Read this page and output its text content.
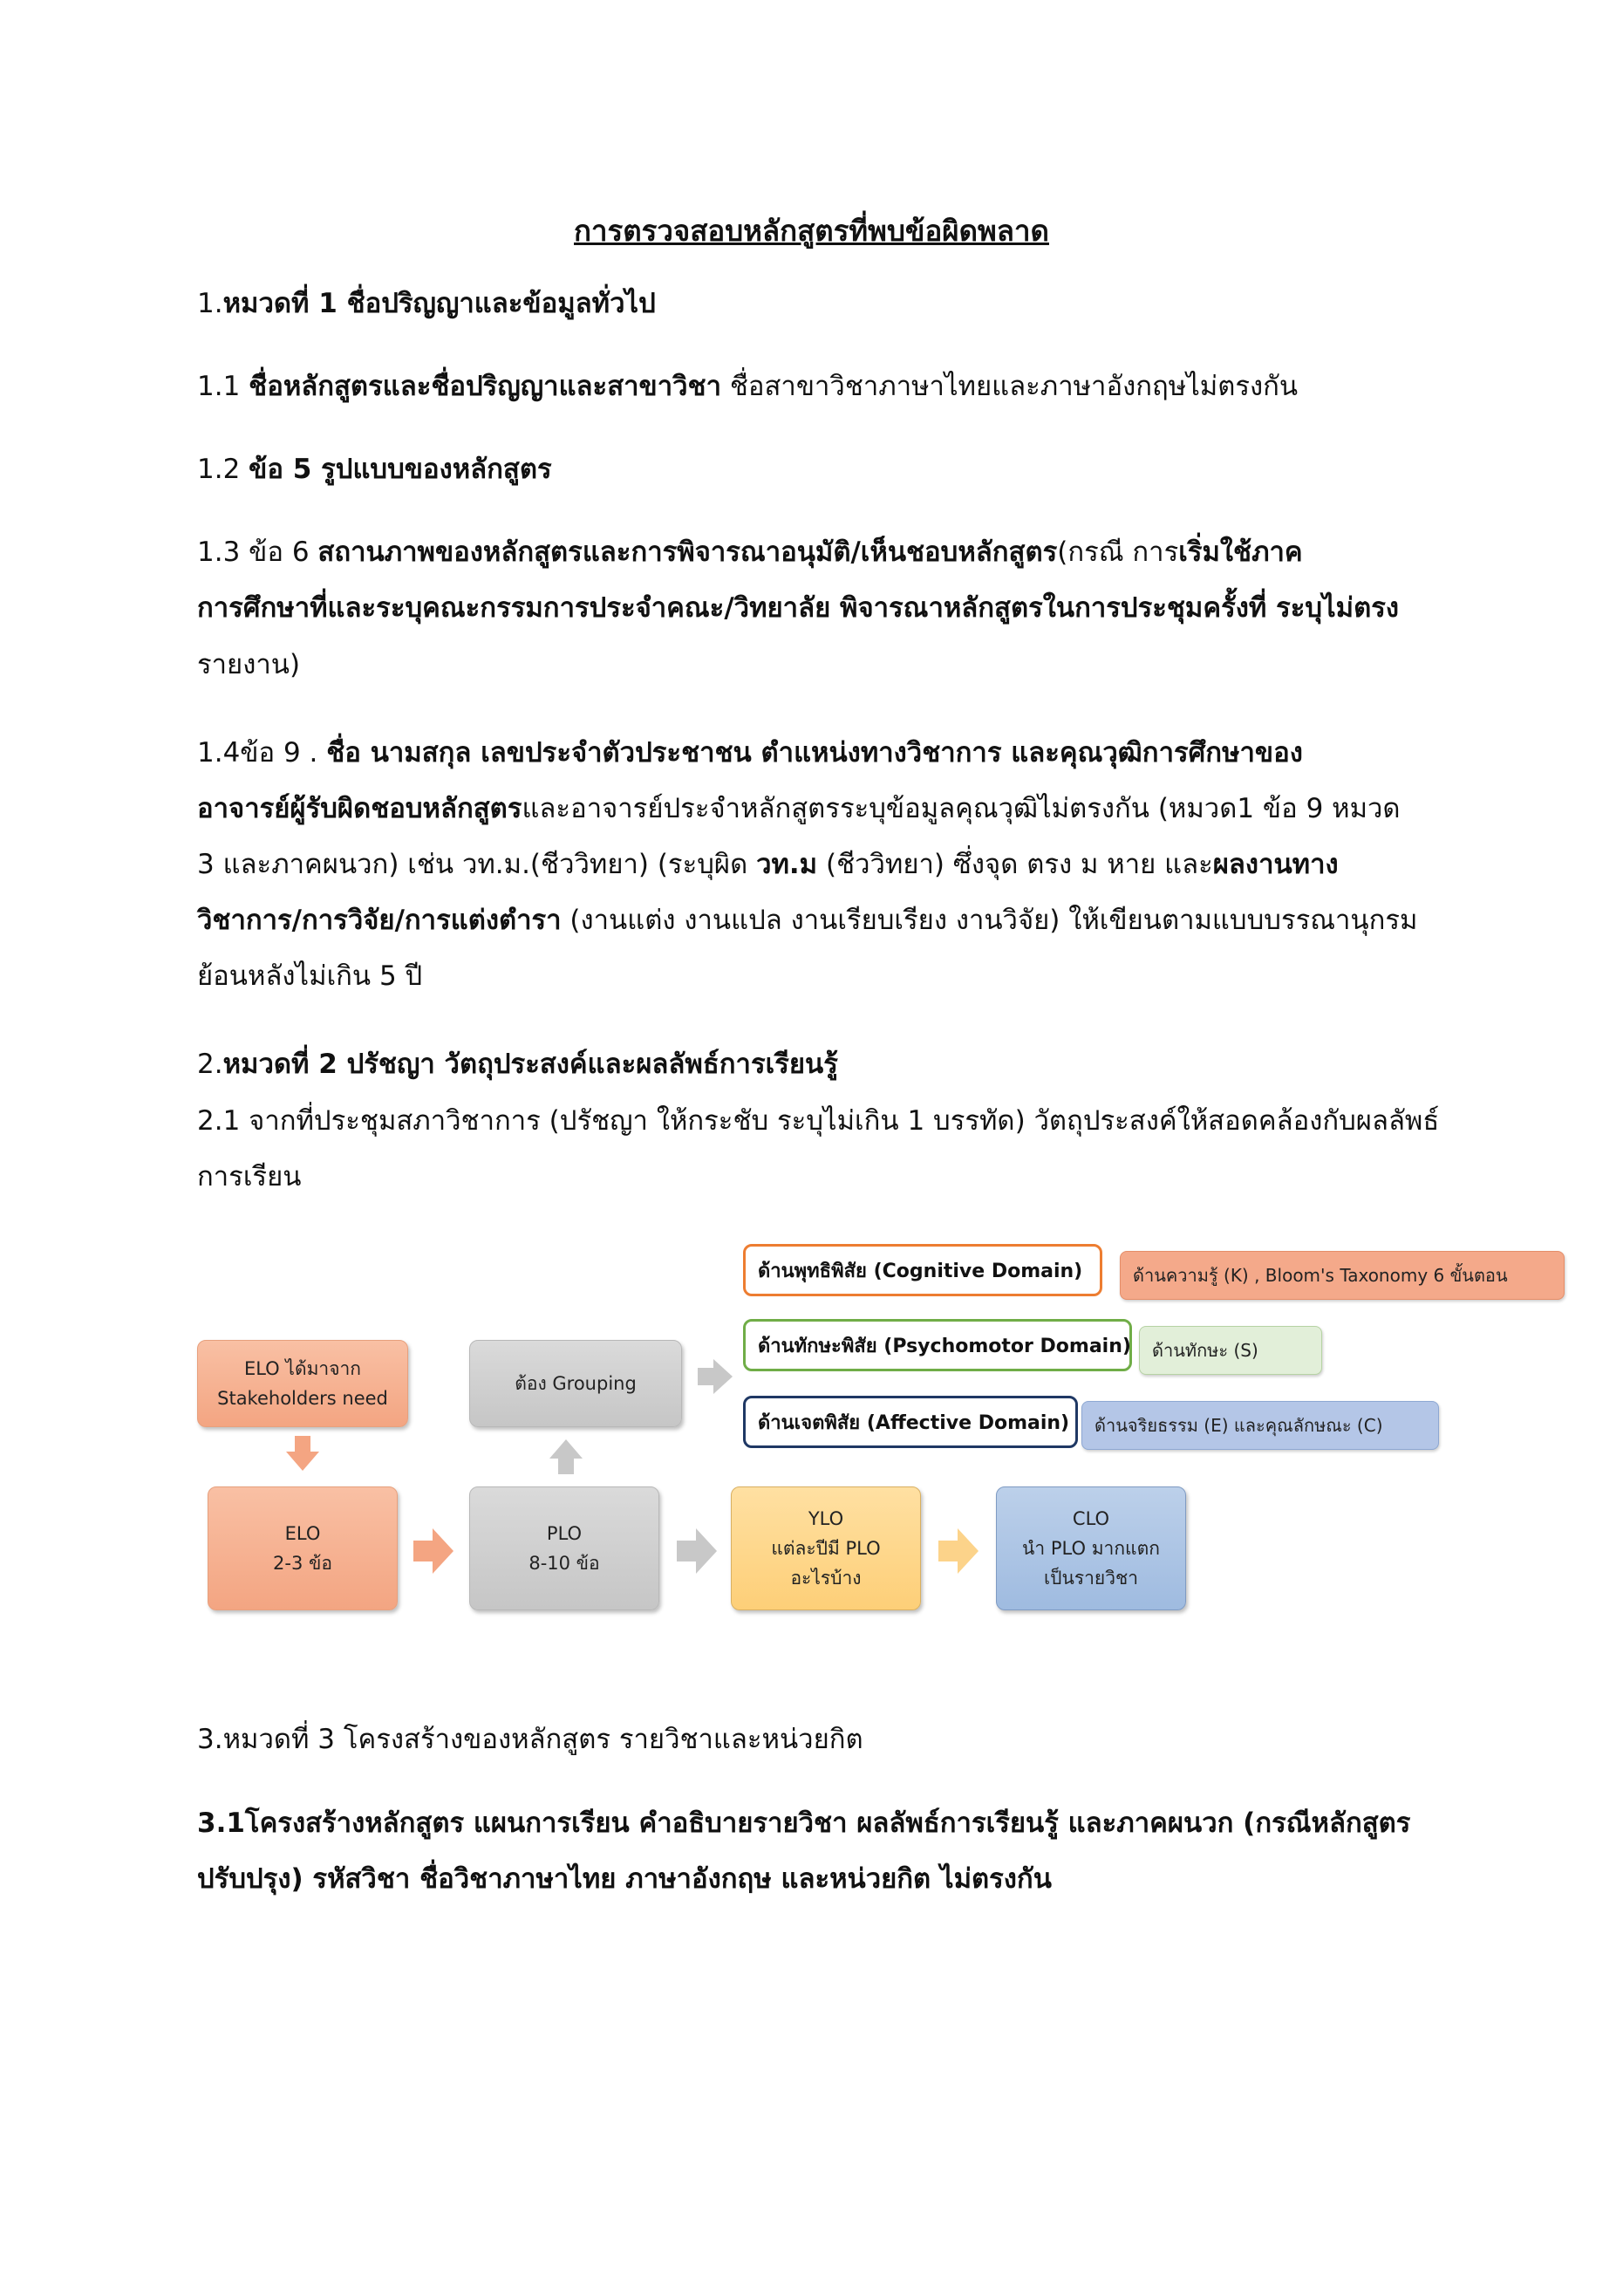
การตรวจสอบหลักสูตรที่พบข้อผิดพลาด
1.หมวดที่ 1 ชื่อปริญญาและข้อมูลทั่วไป
1.1 ชื่อหลักสูตรและชื่อปริญญาและสาขาวิชา ชื่อสาขาวิชาภาษาไทยและภาษาอังกฤษไม่ตรงกัน
1.2 ข้อ 5 รูปแบบของหลักสูตร
1.3 ข้อ 6 สถานภาพของหลักสูตรและการพิจารณาอนุมัติ/เห็นชอบหลักสูตร(กรณี การเริ่มใช้ภาค
การศึกษาที่และระบุคณะกรรมการประจำคณะ/วิทยาลัย พิจารณาหลักสูตรในการประชุมครั้งที่ ระบุไม่ตรง
รายงาน)
1.4ข้อ 9 . ชื่อ นามสกุล เลขประจำตัวประชาชน ตำแหน่งทางวิชาการ และคุณวุฒิการศึกษาของ
อาจารย์ผู้รับผิดชอบหลักสูตรและอาจารย์ประจำหลักสูตรระบุข้อมูลคุณวุฒิไม่ตรงกัน (หมวด1 ข้อ 9 หมวด
3 และภาคผนวก) เช่น วท.ม.(ชีววิทยา) (ระบุผิด วท.ม (ชีววิทยา) ซึ่งจุด ตรง ม หาย และผลงานทาง
วิชาการ/การวิจัย/การแต่งตำรา (งานแต่ง งานแปล งานเรียบเรียง งานวิจัย) ให้เขียนตามแบบบรรณานุกรม
ย้อนหลังไม่เกิน 5 ปี
2.หมวดที่ 2 ปรัชญา วัตถุประสงค์และผลลัพธ์การเรียนรู้
2.1 จากที่ประชุมสภาวิชาการ (ปรัชญา ให้กระชับ ระบุไม่เกิน 1 บรรทัด) วัตถุประสงค์ให้สอดคล้องกับผลลัพธ์
การเรียน
ด้านพุทธิพิสัย (Cognitive Domain)	ด้านความรู้ (K) , Bloom's Taxonomy 6 ขั้นตอน
ด้านทักษะพิสัย (Psychomotor Domain) ด้านทักษะ (S)
ด้านเจตพิสัย (Affective Domain) ด้านจริยธรรม (E) และคุณลักษณะ (C)
ELO ได้มาจาก
Stakeholders need
ต้อง Grouping
ELO
2-3 ข้อ
PLO
8-10 ข้อ
YLO
แต่ละปีมี PLO
อะไรบ้าง
CLO
นำ PLO มากแตก
เป็นรายวิชา
3.หมวดที่ 3 โครงสร้างของหลักสูตร รายวิชาและหน่วยกิต
3.1โครงสร้างหลักสูตร แผนการเรียน คำอธิบายรายวิชา ผลลัพธ์การเรียนรู้ และภาคผนวก (กรณีหลักสูตร
ปรับปรุง) รหัสวิชา ชื่อวิชาภาษาไทย ภาษาอังกฤษ และหน่วยกิต ไม่ตรงกัน
